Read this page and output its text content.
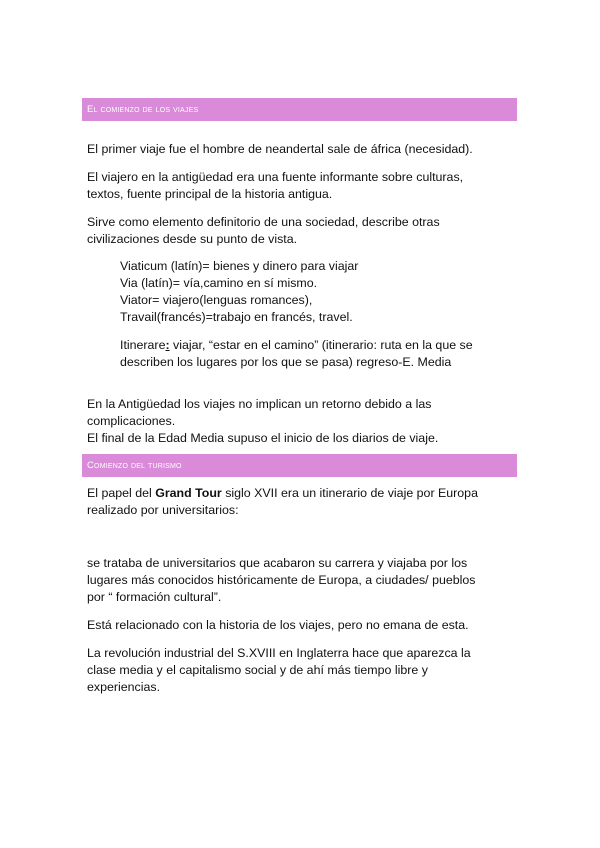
El comienzo de los viajes
El primer viaje fue el hombre de neandertal sale de áfrica (necesidad).
El viajero en la antigüedad era una fuente informante sobre culturas,
textos, fuente principal de la historia antigua.
Sirve como elemento definitorio de una sociedad, describe otras
civilizaciones desde su punto de vista.
Viaticum (latín)= bienes y dinero para viajar
Via (latín)= vía,camino en sí mismo.
Viator= viajero(lenguas romances),
Travail(francés)=trabajo en francés, travel.
Itinerare: viajar, “estar en el camino” (itinerario: ruta en la que se
describen los lugares por los que se pasa) regreso-E. Media
En la Antigüedad los viajes no implican un retorno debido a las
complicaciones.
El final de la Edad Media supuso el inicio de los diarios de viaje.
Comienzo del turismo
El papel del Grand Tour siglo XVII era un itinerario de viaje por Europa
realizado por universitarios:
se trataba de universitarios que acabaron su carrera y viajaba por los
lugares más conocidos históricamente de Europa, a ciudades/ pueblos
por “ formación cultural”.
Está relacionado con la historia de los viajes, pero no emana de esta.
La revolución industrial del S.XVIII en Inglaterra hace que aparezca la
clase media y el capitalismo social y de ahí más tiempo libre y
experiencias.
